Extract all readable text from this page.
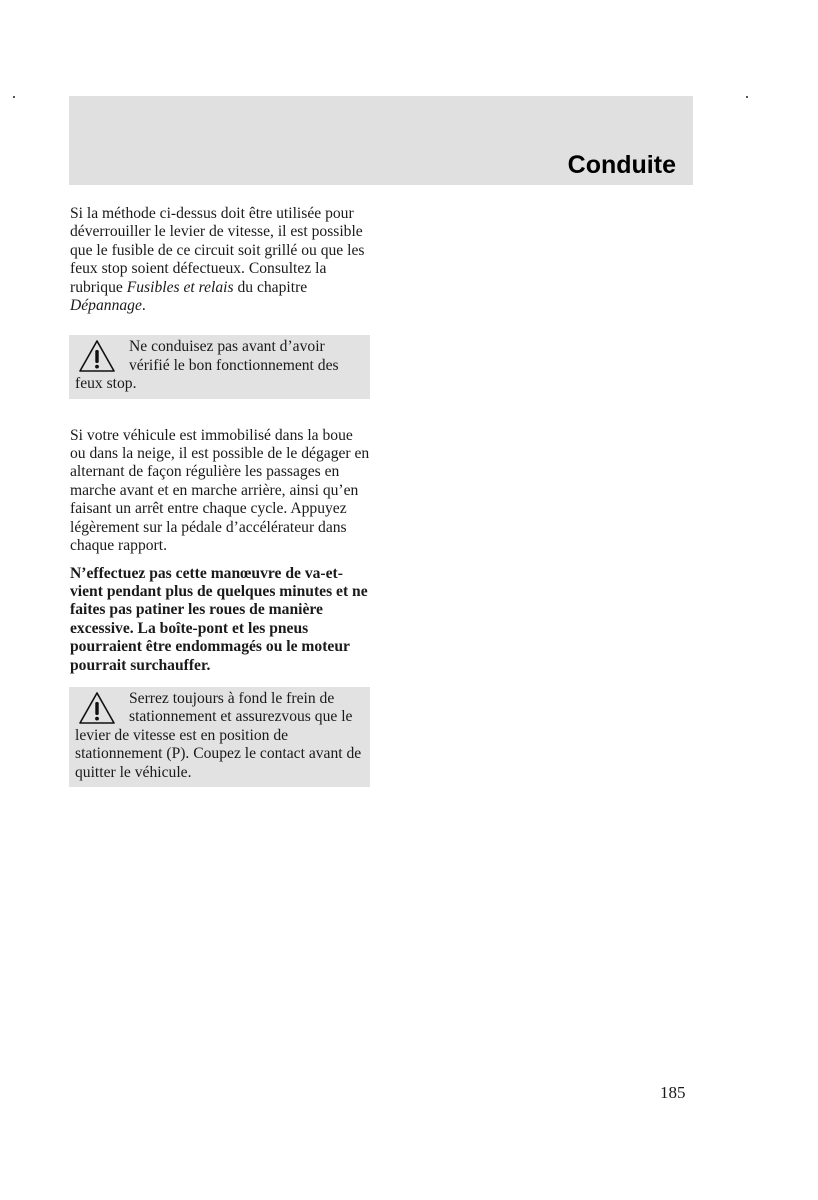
Conduite

Si la méthode ci-dessus doit être utilisée pour déverrouiller le levier de vitesse, il est possible que le fusible de ce circuit soit grillé ou que les feux stop soient défectueux. Consultez la rubrique Fusibles et relais du chapitre Dépannage.

Ne conduisez pas avant d’avoir vérifié le bon fonctionnement des feux stop.

Si votre véhicule est immobilisé dans la boue ou dans la neige, il est possible de le dégager en alternant de façon régulière les passages en marche avant et en marche arrière, ainsi qu’en faisant un arrêt entre chaque cycle. Appuyez légèrement sur la pédale d’accélérateur dans chaque rapport.

N’effectuez pas cette manœuvre de va-et-vient pendant plus de quelques minutes et ne faites pas patiner les roues de manière excessive. La boîte-pont et les pneus pourraient être endommagés ou le moteur pourrait surchauffer.

Serrez toujours à fond le frein de stationnement et assurezvous que le levier de vitesse est en position de stationnement (P). Coupez le contact avant de quitter le véhicule.
185
